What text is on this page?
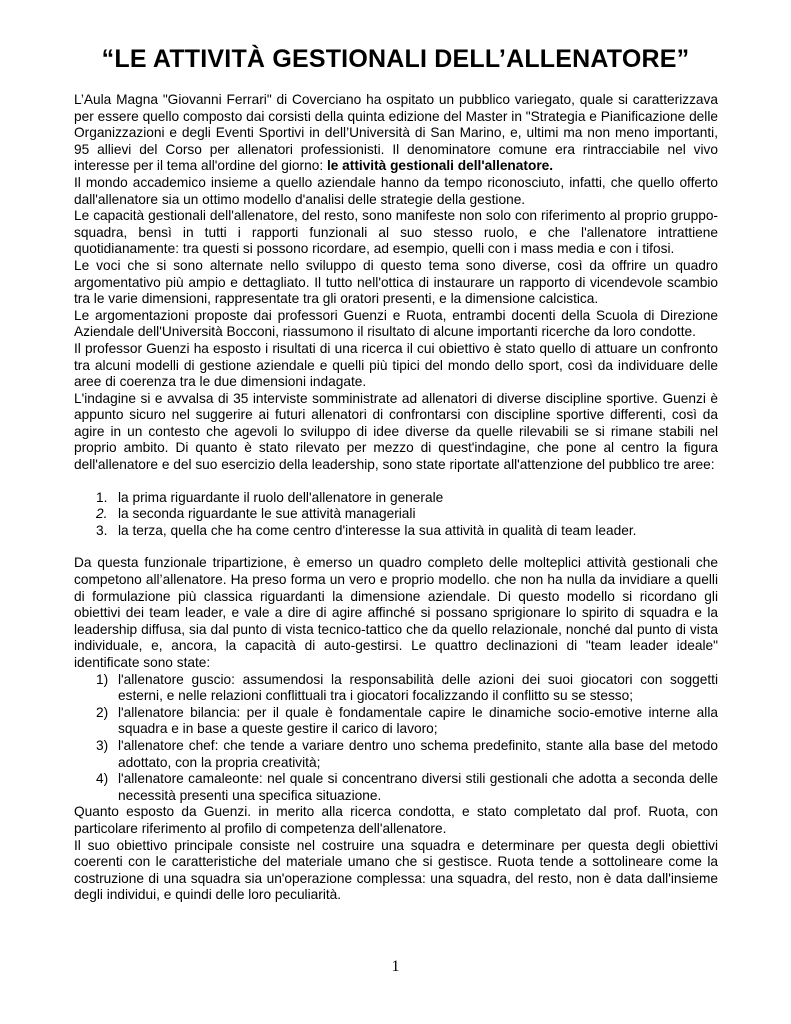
“LE ATTIVITÀ GESTIONALI DELL’ALLENATORE”

L’Aula Magna "Giovanni Ferrari" di Coverciano ha ospitato un pubblico variegato, quale si caratterizzava per essere quello composto dai corsisti della quinta edizione del Master in "Strategia e Pianificazione delle Organizzazioni e degli Eventi Sportivi in dell’Università di San Marino, e, ultimi ma non meno importanti, 95 allievi del Corso per allenatori professionisti. Il denominatore comune era rintracciabile nel vivo interesse per il tema all'ordine del giorno: le attività gestionali dell'allenatore.

Il mondo accademico insieme a quello aziendale hanno da tempo riconosciuto, infatti, che quello offerto dall'allenatore sia un ottimo modello d'analisi delle strategie della gestione.

Le capacità gestionali dell'allenatore, del resto, sono manifeste non solo con riferimento al proprio gruppo-squadra, bensì in tutti i rapporti funzionali al suo stesso ruolo, e che l'allenatore intrattiene quotidianamente: tra questi si possono ricordare, ad esempio, quelli con i mass media e con i tifosi.

Le voci che si sono alternate nello sviluppo di questo tema sono diverse, così da offrire un quadro argomentativo più ampio e dettagliato. Il tutto nell'ottica di instaurare un rapporto di vicendevole scambio tra le varie dimensioni, rappresentate tra gli oratori presenti, e la dimensione calcistica.

Le argomentazioni proposte dai professori Guenzi e Ruota, entrambi docenti della Scuola di Direzione Aziendale dell'Università Bocconi, riassumono il risultato di alcune importanti ricerche da loro condotte.

Il professor Guenzi ha esposto i risultati di una ricerca il cui obiettivo è stato quello di attuare un confronto tra alcuni modelli di gestione aziendale e quelli più tipici del mondo dello sport, così da individuare delle aree di coerenza tra le due dimensioni indagate.

L'indagine si e avvalsa di 35 interviste somministrate ad allenatori di diverse discipline sportive. Guenzi è appunto sicuro nel suggerire ai futuri allenatori di confrontarsi con discipline sportive differenti, così da agire in un contesto che agevoli lo sviluppo di idee diverse da quelle rilevabili se si rimane stabili nel proprio ambito. Di quanto è stato rilevato per mezzo di quest'indagine, che pone al centro la figura dell'allenatore e del suo esercizio della leadership, sono state riportate all'attenzione del pubblico tre aree:

1. la prima riguardante il ruolo dell'allenatore in generale
2. la seconda riguardante le sue attività manageriali
3. la terza, quella che ha come centro d'interesse la sua attività in qualità di team leader.

Da questa funzionale tripartizione, è emerso un quadro completo delle molteplici attività gestionali che competono all’allenatore. Ha preso forma un vero e proprio modello. che non ha nulla da invidiare a quelli di formulazione più classica riguardanti la dimensione aziendale. Di questo modello si ricordano gli obiettivi dei team leader, e vale a dire di agire affinché si possano sprigionare lo spirito di squadra e la leadership diffusa, sia dal punto di vista tecnico-tattico che da quello relazionale, nonché dal punto di vista individuale, e, ancora, la capacità di auto-gestirsi. Le quattro declinazioni di "team leader ideale" identificate sono state:

1) l'allenatore guscio: assumendosi la responsabilità delle azioni dei suoi giocatori con soggetti esterni, e nelle relazioni conflittuali tra i giocatori focalizzando il conflitto su se stesso;
2) l'allenatore bilancia: per il quale è fondamentale capire le dinamiche socio-emotive interne alla squadra e in base a queste gestire il carico di lavoro;
3) l'allenatore chef: che tende a variare dentro uno schema predefinito, stante alla base del metodo adottato, con la propria creatività;
4) l'allenatore camaleonte: nel quale si concentrano diversi stili gestionali che adotta a seconda delle necessità presenti una specifica situazione.

Quanto esposto da Guenzi. in merito alla ricerca condotta, e stato completato dal prof. Ruota, con particolare riferimento al profilo di competenza dell'allenatore.

Il suo obiettivo principale consiste nel costruire una squadra e determinare per questa degli obiettivi coerenti con le caratteristiche del materiale umano che si gestisce. Ruota tende a sottolineare come la costruzione di una squadra sia un'operazione complessa: una squadra, del resto, non è data dall'insieme degli individui, e quindi delle loro peculiarità.

1
